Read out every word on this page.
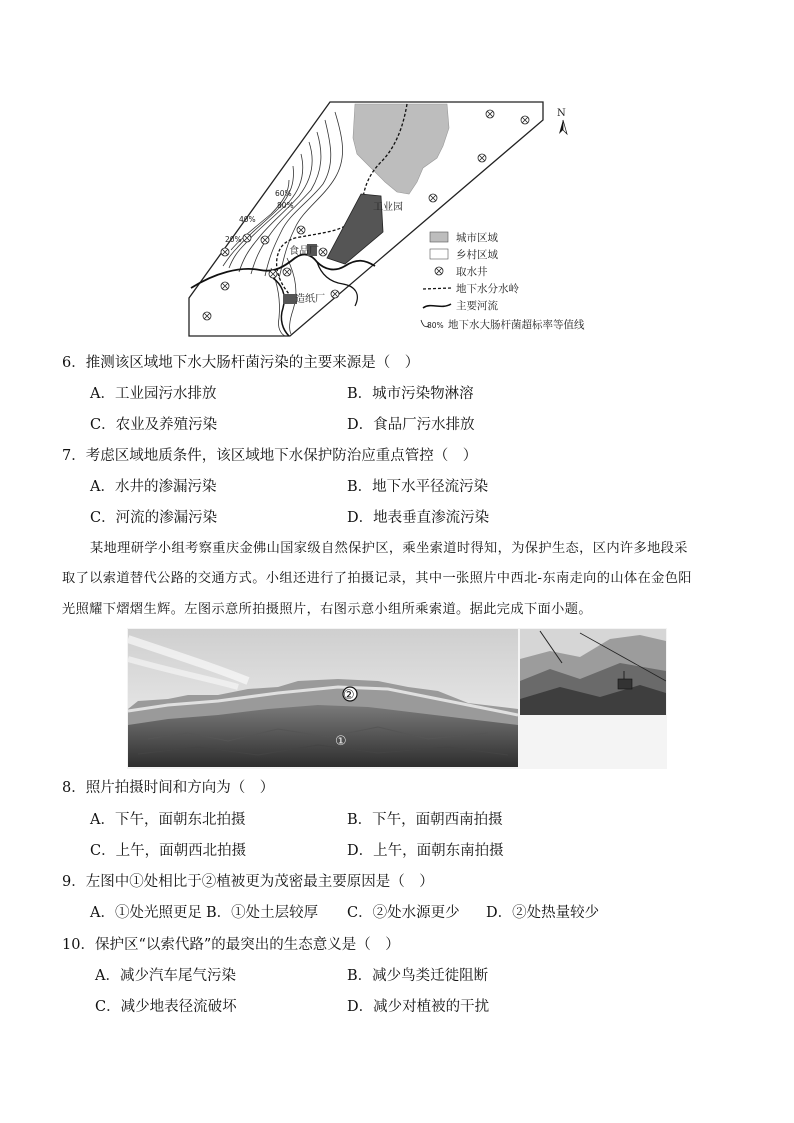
工业园
食品厂
造纸厂
60%
80%
40%
20%
N
城市区域
乡村区域
取水井
地下水分水岭
主要河流
80% 地下水大肠杆菌超标率等值线
6．推测该区域地下水大肠杆菌污染的主要来源是（　）
A．工业园污水排放	B．城市污染物淋溶
C．农业及养殖污染	D．食品厂污水排放
7．考虑区域地质条件，该区域地下水保护防治应重点管控（　）
A．水井的渗漏污染	B．地下水平径流污染
C．河流的渗漏污染	D．地表垂直渗流污染
某地理研学小组考察重庆金佛山国家级自然保护区，乘坐索道时得知，为保护生态，区内许多地段采
取了以索道替代公路的交通方式。小组还进行了拍摄记录，其中一张照片中西北-东南走向的山体在金色阳
光照耀下熠熠生辉。左图示意所拍摄照片，右图示意小组所乘索道。据此完成下面小题。
②
①
8．照片拍摄时间和方向为（　）
A．下午，面朝东北拍摄	B．下午，面朝西南拍摄
C．上午，面朝西北拍摄	D．上午，面朝东南拍摄
9．左图中①处相比于②植被更为茂密最主要原因是（　）
A．①处光照更足 B．①处土层较厚 C．②处水源更少 D．②处热量较少
10．保护区“以索代路”的最突出的生态意义是（　）
A．减少汽车尾气污染	B．减少鸟类迁徙阻断
C．减少地表径流破坏	D．减少对植被的干扰
